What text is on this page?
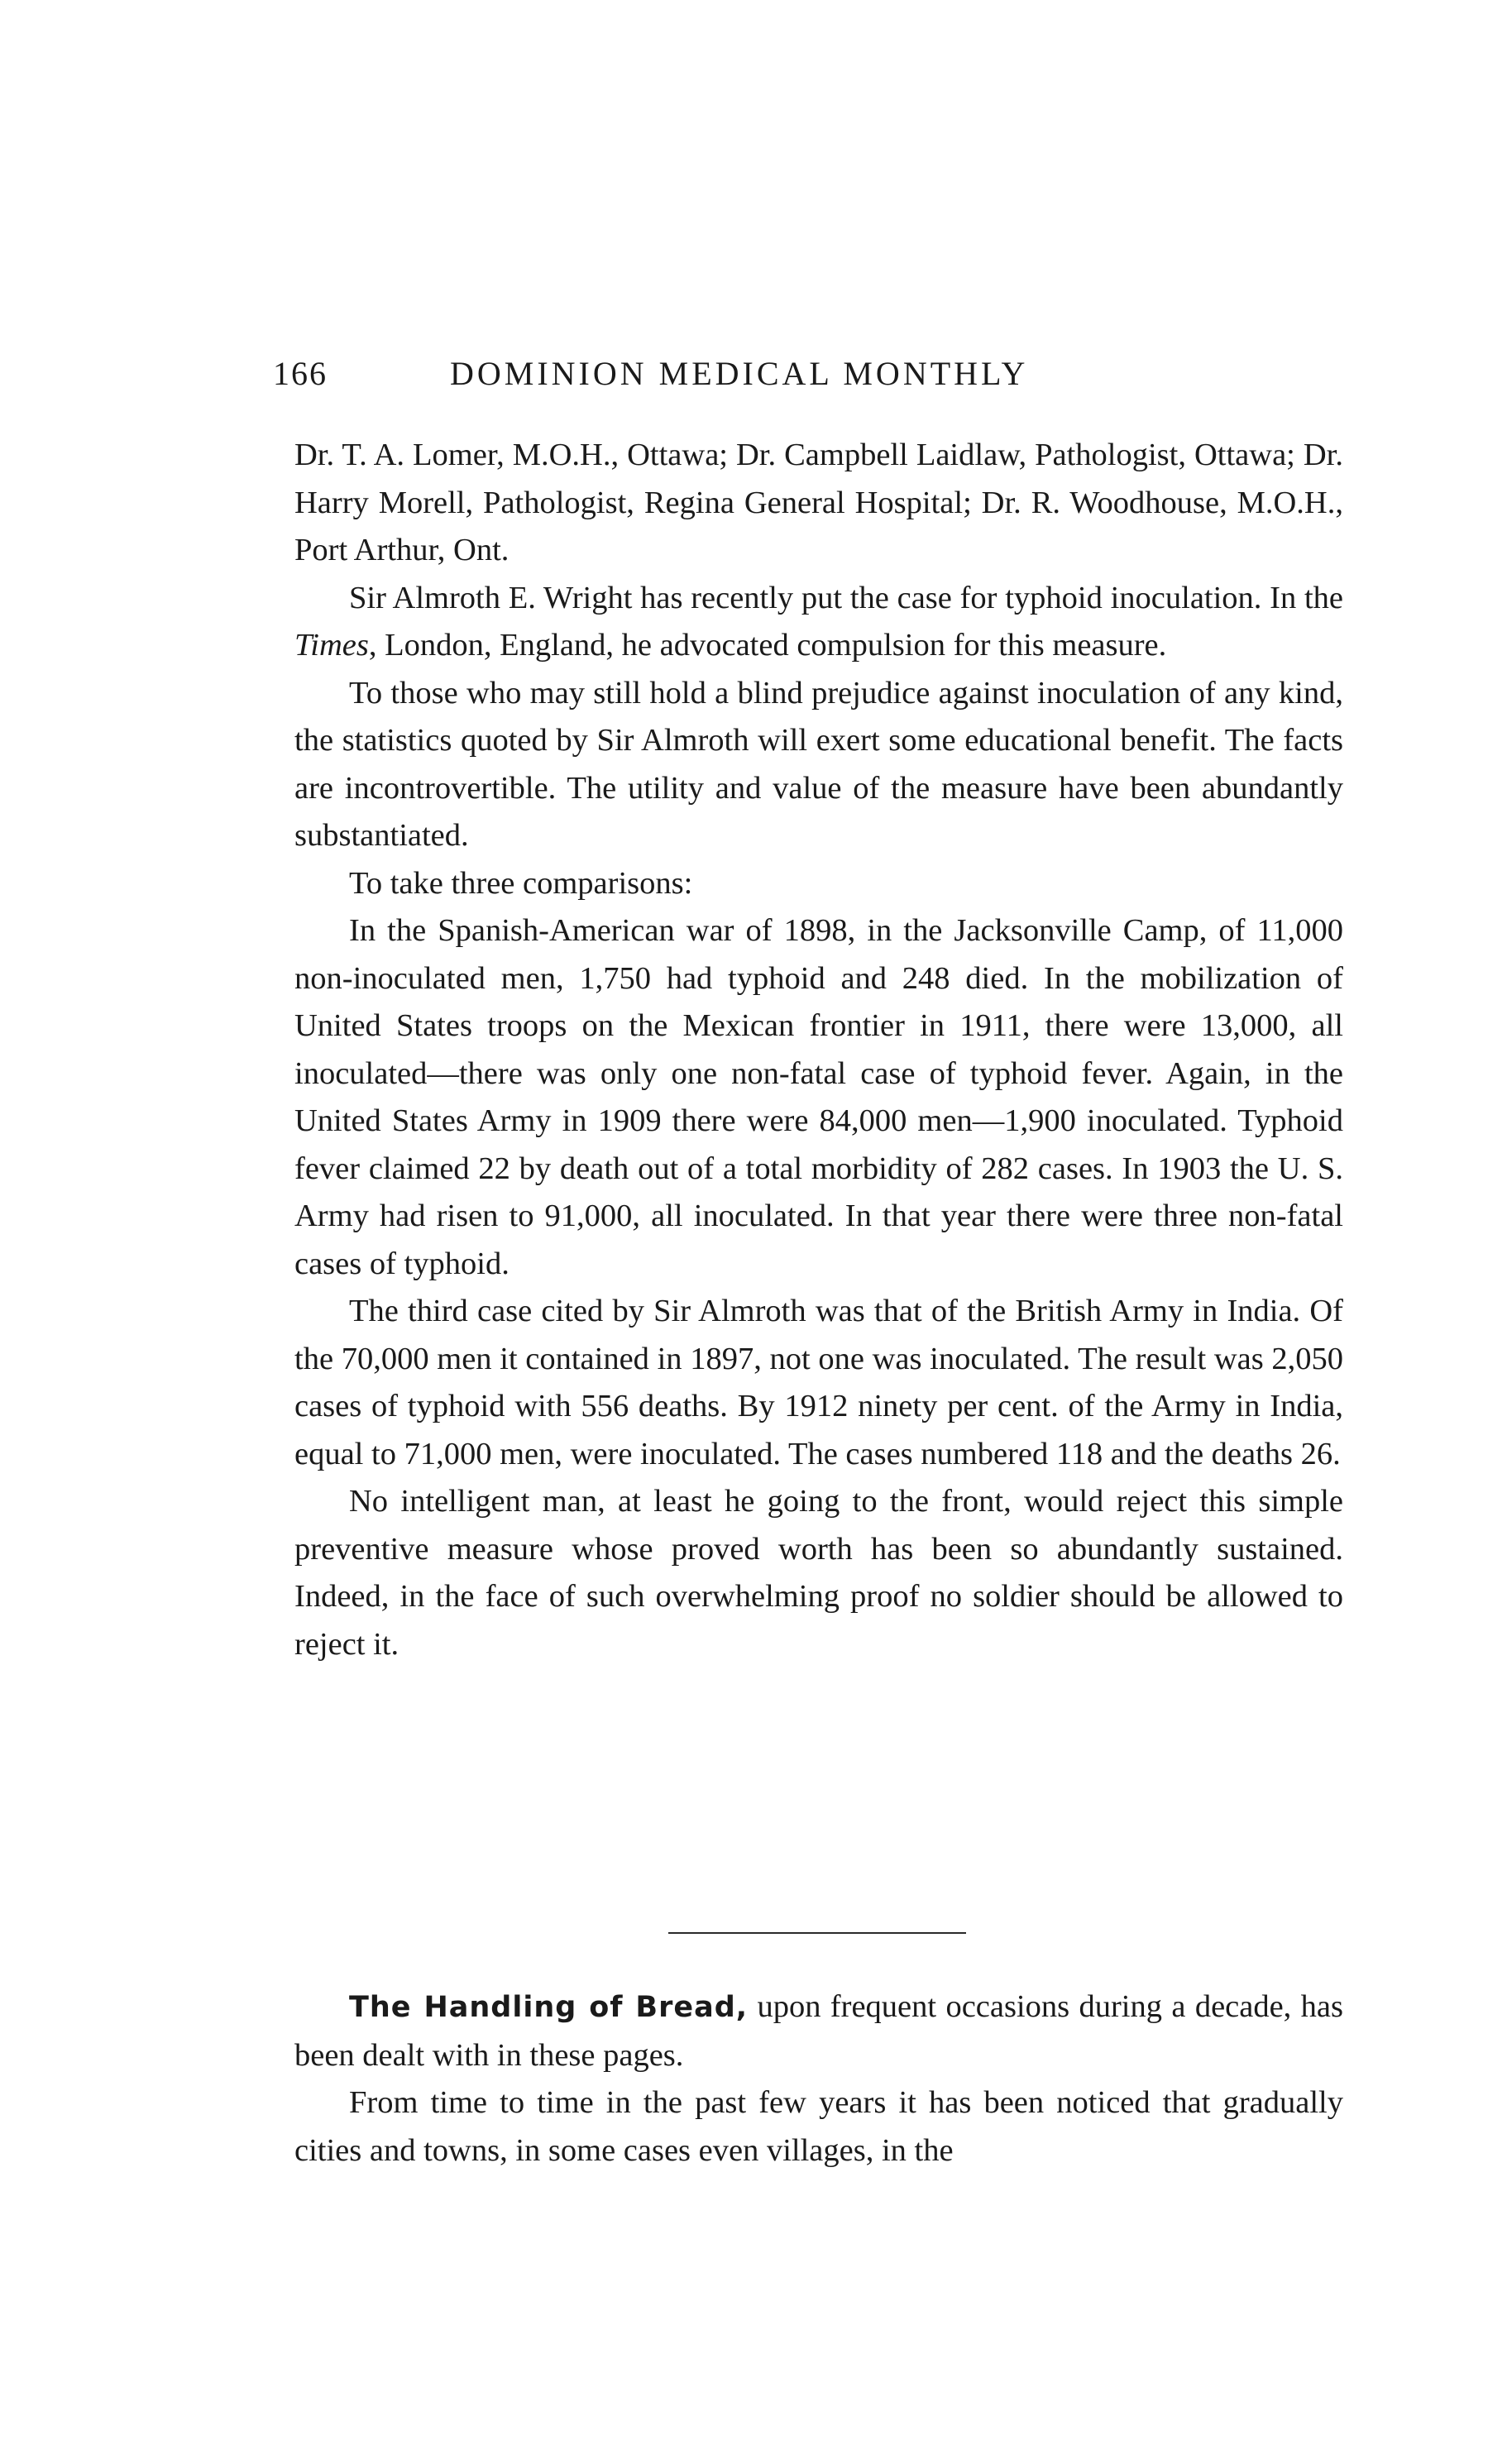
166	DOMINION MEDICAL MONTHLY

Dr. T. A. Lomer, M.O.H., Ottawa; Dr. Campbell Laidlaw, Pathologist, Ottawa; Dr. Harry Morell, Pathologist, Regina General Hospital; Dr. R. Woodhouse, M.O.H., Port Arthur, Ont.

Sir Almroth E. Wright has recently put the case for typhoid inoculation. In the Times, London, England, he advocated compulsion for this measure.

To those who may still hold a blind prejudice against inoculation of any kind, the statistics quoted by Sir Almroth will exert some educational benefit. The facts are incontrovertible. The utility and value of the measure have been abundantly substantiated.

To take three comparisons:

In the Spanish-American war of 1898, in the Jacksonville Camp, of 11,000 non-inoculated men, 1,750 had typhoid and 248 died. In the mobilization of United States troops on the Mexican frontier in 1911, there were 13,000, all inoculated—there was only one non-fatal case of typhoid fever. Again, in the United States Army in 1909 there were 84,000 men—1,900 inoculated. Typhoid fever claimed 22 by death out of a total morbidity of 282 cases. In 1903 the U. S. Army had risen to 91,000, all inoculated. In that year there were three non-fatal cases of typhoid.

The third case cited by Sir Almroth was that of the British Army in India. Of the 70,000 men it contained in 1897, not one was inoculated. The result was 2,050 cases of typhoid with 556 deaths. By 1912 ninety per cent. of the Army in India, equal to 71,000 men, were inoculated. The cases numbered 118 and the deaths 26.

No intelligent man, at least he going to the front, would reject this simple preventive measure whose proved worth has been so abundantly sustained. Indeed, in the face of such overwhelming proof no soldier should be allowed to reject it.

The Handling of Bread, upon frequent occasions during a decade, has been dealt with in these pages.

From time to time in the past few years it has been noticed that gradually cities and towns, in some cases even villages, in the
